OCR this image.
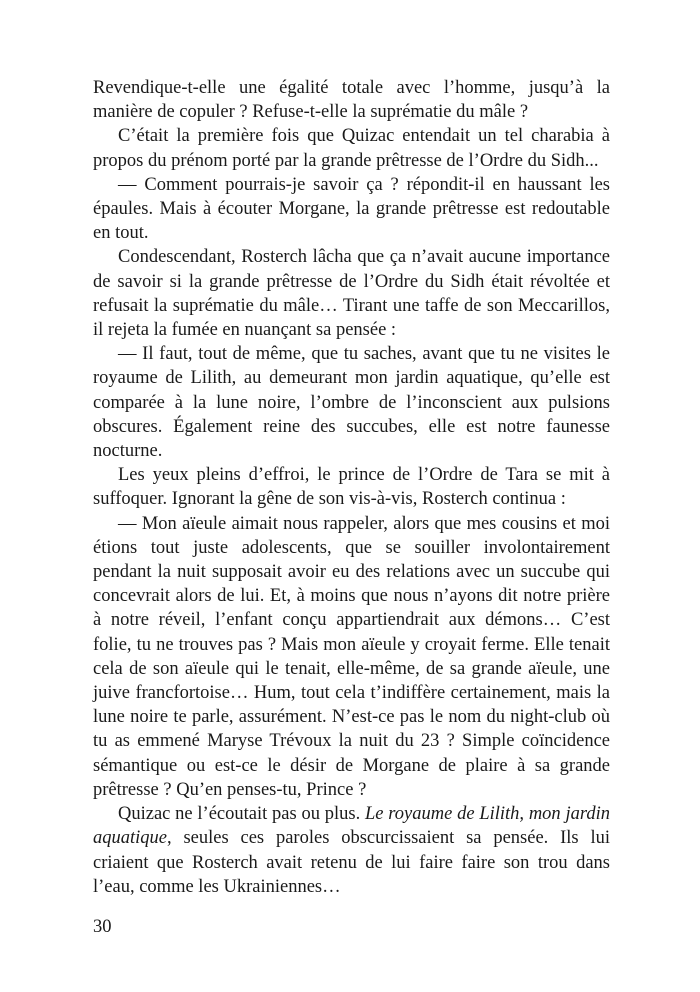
Revendique-t-elle une égalité totale avec l’homme, jusqu’à la manière de copuler ? Refuse-t-elle la suprématie du mâle ?

C’était la première fois que Quizac entendait un tel charabia à propos du prénom porté par la grande prêtresse de l’Ordre du Sidh...

— Comment pourrais-je savoir ça ? répondit-il en haussant les épaules. Mais à écouter Morgane, la grande prêtresse est redoutable en tout.

Condescendant, Rosterch lâcha que ça n’avait aucune importance de savoir si la grande prêtresse de l’Ordre du Sidh était révoltée et refusait la suprématie du mâle… Tirant une taffe de son Meccarillos, il rejeta la fumée en nuançant sa pensée :

— Il faut, tout de même, que tu saches, avant que tu ne visites le royaume de Lilith, au demeurant mon jardin aquatique, qu’elle est comparée à la lune noire, l’ombre de l’inconscient aux pulsions obscures. Également reine des succubes, elle est notre faunesse nocturne.

Les yeux pleins d’effroi, le prince de l’Ordre de Tara se mit à suffoquer. Ignorant la gêne de son vis-à-vis, Rosterch continua :

— Mon aïeule aimait nous rappeler, alors que mes cousins et moi étions tout juste adolescents, que se souiller involontairement pendant la nuit supposait avoir eu des relations avec un succube qui concevrait alors de lui. Et, à moins que nous n’ayons dit notre prière à notre réveil, l’enfant conçu appartiendrait aux démons… C’est folie, tu ne trouves pas ? Mais mon aïeule y croyait ferme. Elle tenait cela de son aïeule qui le tenait, elle-même, de sa grande aïeule, une juive francfortoise… Hum, tout cela t’indiffère certainement, mais la lune noire te parle, assurément. N’est-ce pas le nom du night-club où tu as emmené Maryse Trévoux la nuit du 23 ? Simple coïncidence sémantique ou est-ce le désir de Morgane de plaire à sa grande prêtresse ? Qu’en penses-tu, Prince ?

Quizac ne l’écoutait pas ou plus. Le royaume de Lilith, mon jardin aquatique, seules ces paroles obscurcissaient sa pensée. Ils lui criaient que Rosterch avait retenu de lui faire faire son trou dans l’eau, comme les Ukrainiennes…

30
